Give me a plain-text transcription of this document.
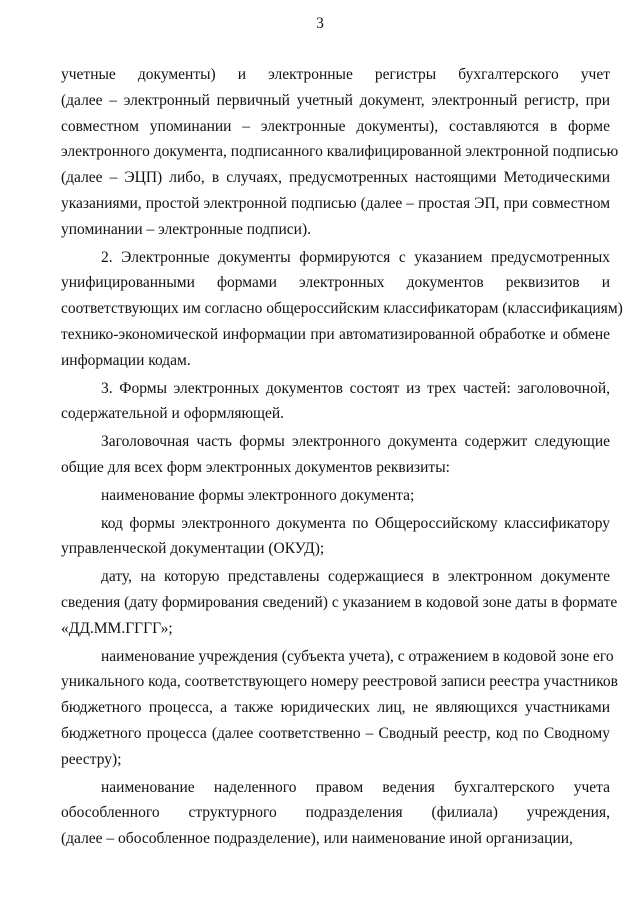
3
учетные документы) и электронные регистры бухгалтерского учет
(далее – электронный первичный учетный документ, электронный регистр, при
совместном упоминании – электронные документы), составляются в форме
электронного документа, подписанного квалифицированной электронной подписью
(далее – ЭЦП) либо, в случаях, предусмотренных настоящими Методическими
указаниями, простой электронной подписью (далее – простая ЭП, при совместном
упоминании – электронные подписи).
2. Электронные документы формируются с указанием предусмотренных
унифицированными формами электронных документов реквизитов и
соответствующих им согласно общероссийским классификаторам (классификациям)
технико-экономической информации при автоматизированной обработке и обмене
информации кодам.
3. Формы электронных документов состоят из трех частей: заголовочной,
содержательной и оформляющей.
Заголовочная часть формы электронного документа содержит следующие
общие для всех форм электронных документов реквизиты:
наименование формы электронного документа;
код формы электронного документа по Общероссийскому классификатору
управленческой документации (ОКУД);
дату, на которую представлены содержащиеся в электронном документе
сведения (дату формирования сведений) с указанием в кодовой зоне даты в формате
«ДД.ММ.ГГГГ»;
наименование учреждения (субъекта учета), с отражением в кодовой зоне его
уникального кода, соответствующего номеру реестровой записи реестра участников
бюджетного процесса, а также юридических лиц, не являющихся участниками
бюджетного процесса (далее соответственно – Сводный реестр, код по Сводному
реестру);
наименование наделенного правом ведения бухгалтерского учета
обособленного структурного подразделения (филиала) учреждения,
(далее – обособленное подразделение), или наименование иной организации,
